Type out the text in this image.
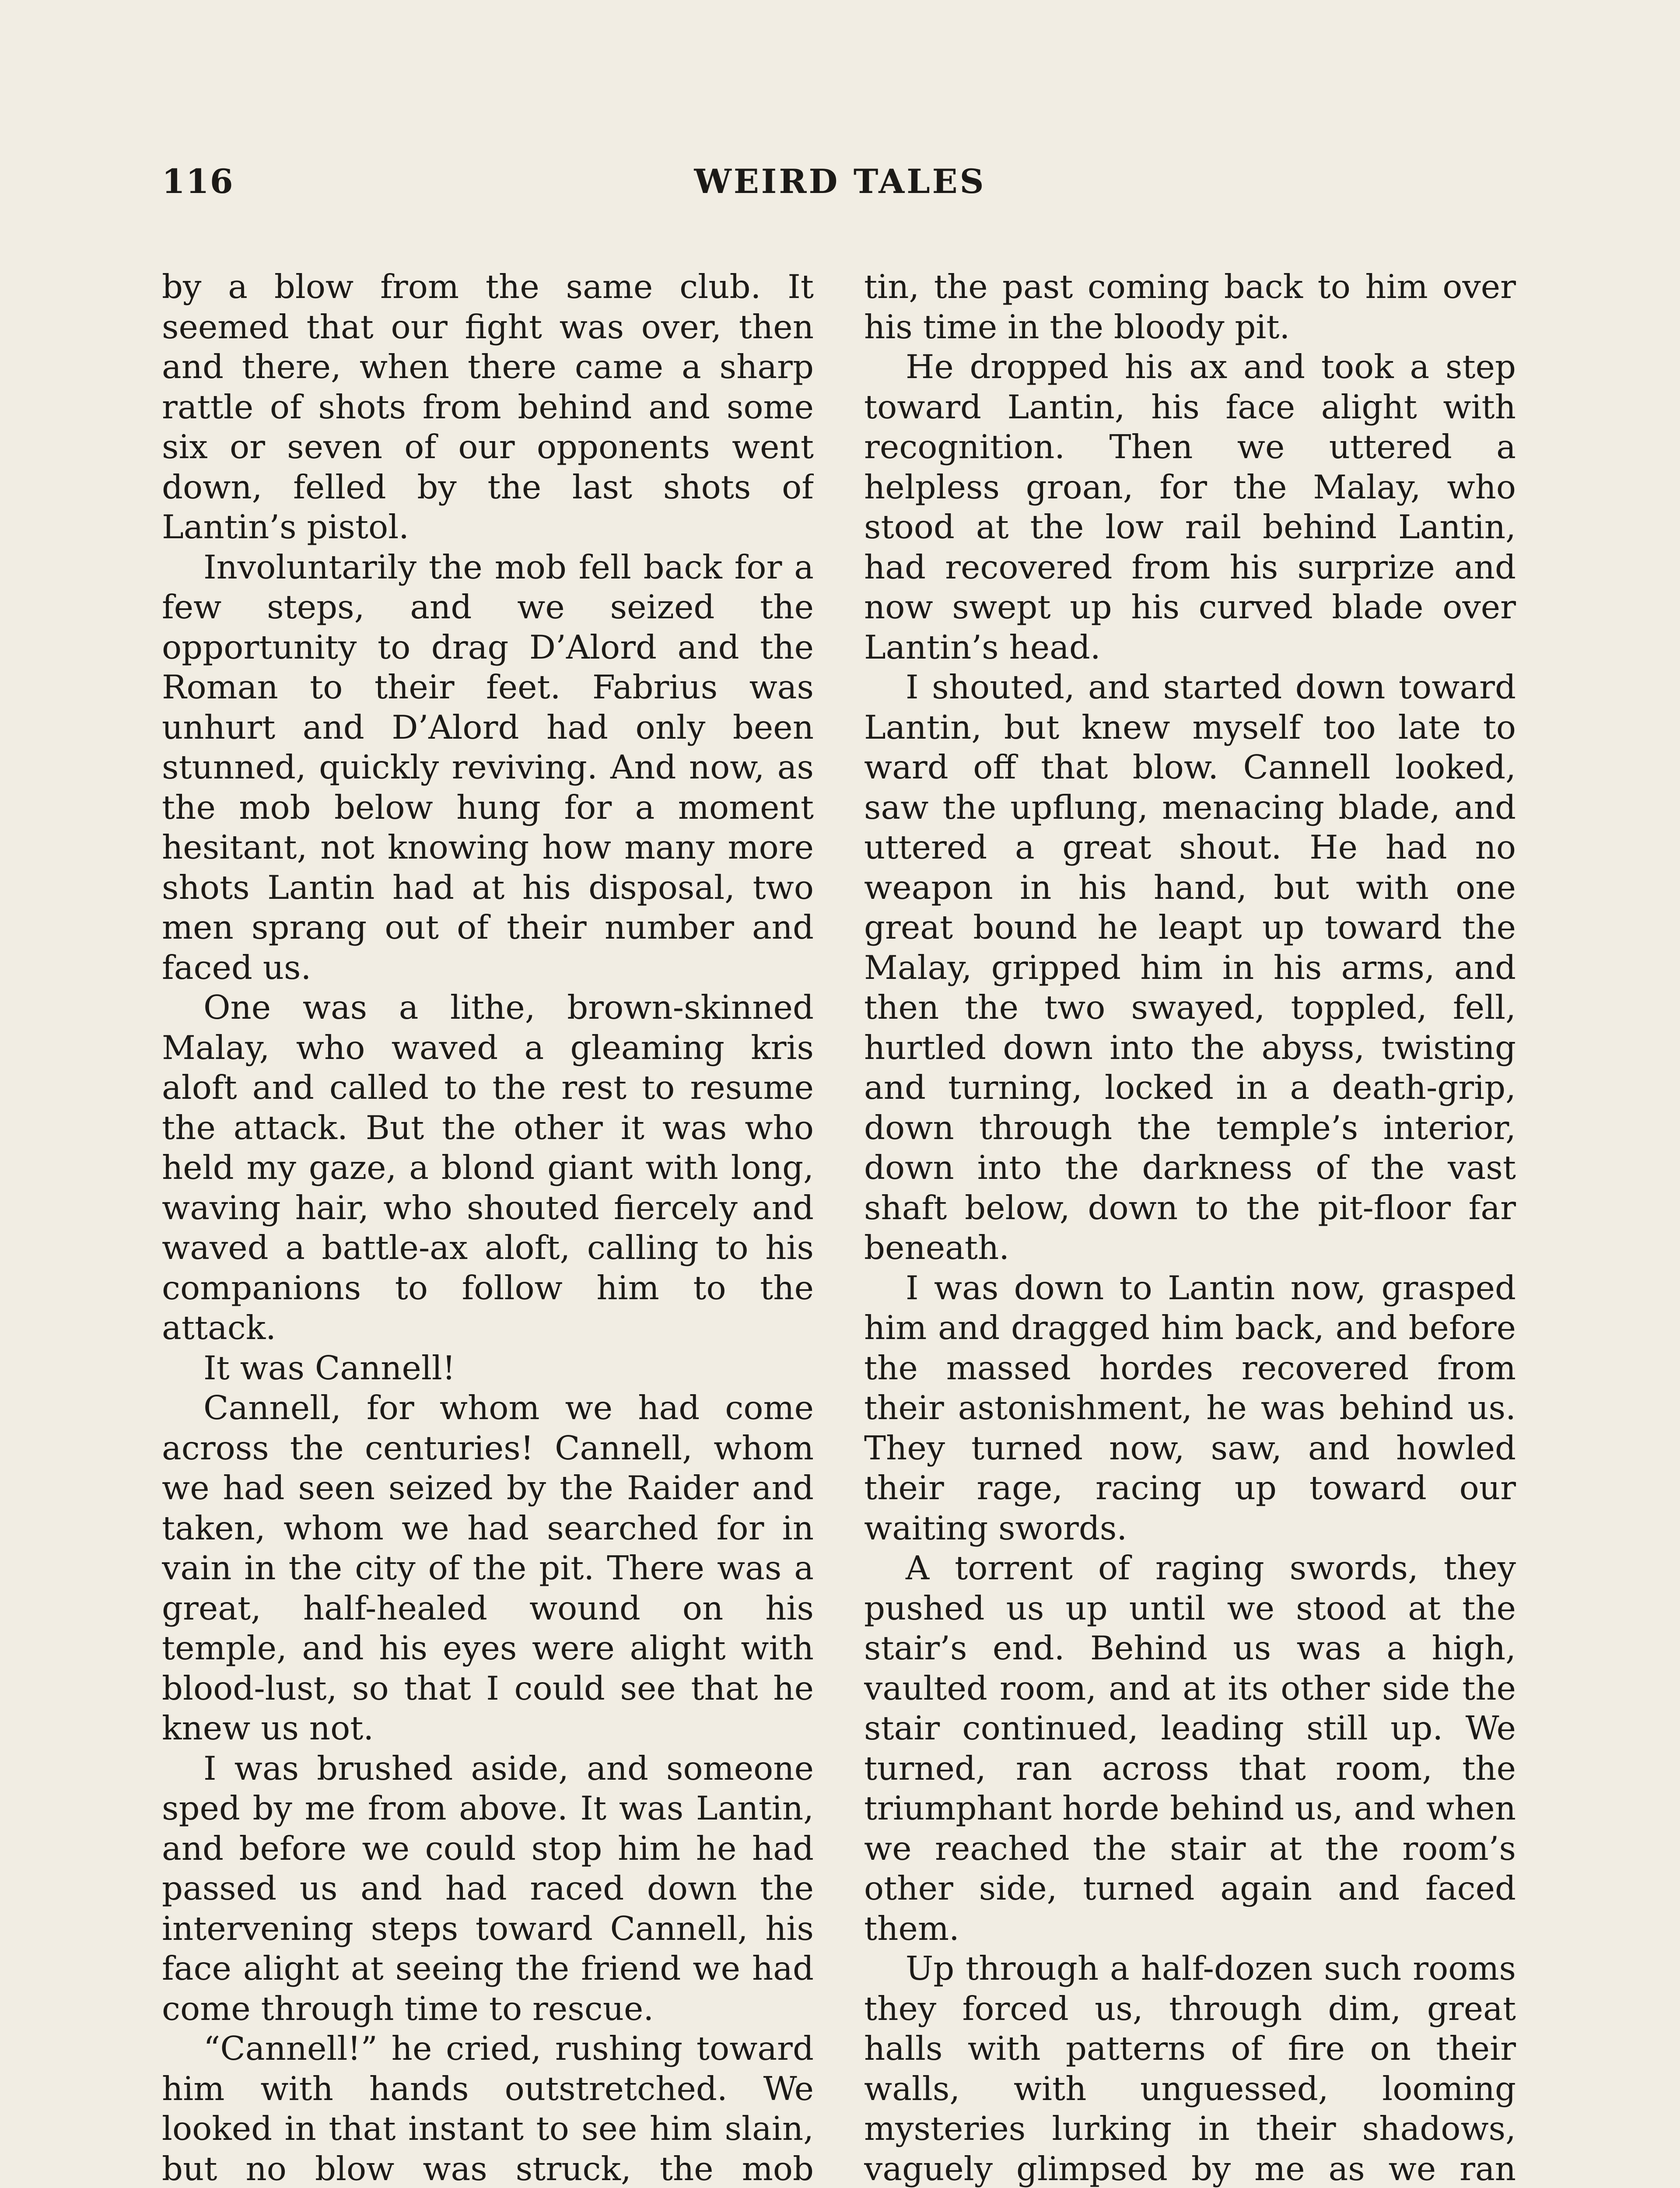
116	WEIRD TALES

by a blow from the same club. It seemed that our fight was over, then and there, when there came a sharp rattle of shots from behind and some six or seven of our opponents went down, felled by the last shots of Lantin’s pistol.

Involuntarily the mob fell back for a few steps, and we seized the opportunity to drag D’Alord and the Roman to their feet. Fabrius was unhurt and D’Alord had only been stunned, quickly reviving. And now, as the mob below hung for a moment hesitant, not knowing how many more shots Lantin had at his disposal, two men sprang out of their number and faced us.

One was a lithe, brown-skinned Malay, who waved a gleaming kris aloft and called to the rest to resume the attack. But the other it was who held my gaze, a blond giant with long, waving hair, who shouted fiercely and waved a battle-ax aloft, calling to his companions to follow him to the attack.

It was Cannell!

Cannell, for whom we had come across the centuries! Cannell, whom we had seen seized by the Raider and taken, whom we had searched for in vain in the city of the pit. There was a great, half-healed wound on his temple, and his eyes were alight with blood-lust, so that I could see that he knew us not.

I was brushed aside, and someone sped by me from above. It was Lantin, and before we could stop him he had passed us and had raced down the intervening steps toward Cannell, his face alight at seeing the friend we had come through time to rescue.

“Cannell!” he cried, rushing toward him with hands outstretched. We looked in that instant to see him slain, but no blow was struck, the mob

tin, the past coming back to him over his time in the bloody pit.

He dropped his ax and took a step toward Lantin, his face alight with recognition. Then we uttered a helpless groan, for the Malay, who stood at the low rail behind Lantin, had recovered from his surprize and now swept up his curved blade over Lantin’s head.

I shouted, and started down toward Lantin, but knew myself too late to ward off that blow. Cannell looked, saw the upflung, menacing blade, and uttered a great shout. He had no weapon in his hand, but with one great bound he leapt up toward the Malay, gripped him in his arms, and then the two swayed, toppled, fell, hurtled down into the abyss, twisting and turning, locked in a death-grip, down through the temple’s interior, down into the darkness of the vast shaft below, down to the pit-floor far beneath.

I was down to Lantin now, grasped him and dragged him back, and before the massed hordes recovered from their astonishment, he was behind us. They turned now, saw, and howled their rage, racing up toward our waiting swords.

A torrent of raging swords, they pushed us up until we stood at the stair’s end. Behind us was a high, vaulted room, and at its other side the stair continued, leading still up. We turned, ran across that room, the triumphant horde behind us, and when we reached the stair at the room’s other side, turned again and faced them.

Up through a half-dozen such rooms they forced us, through dim, great halls with patterns of fire on their walls, with unguessed, looming mysteries lurking in their shadows, vaguely glimpsed by me as we ran
